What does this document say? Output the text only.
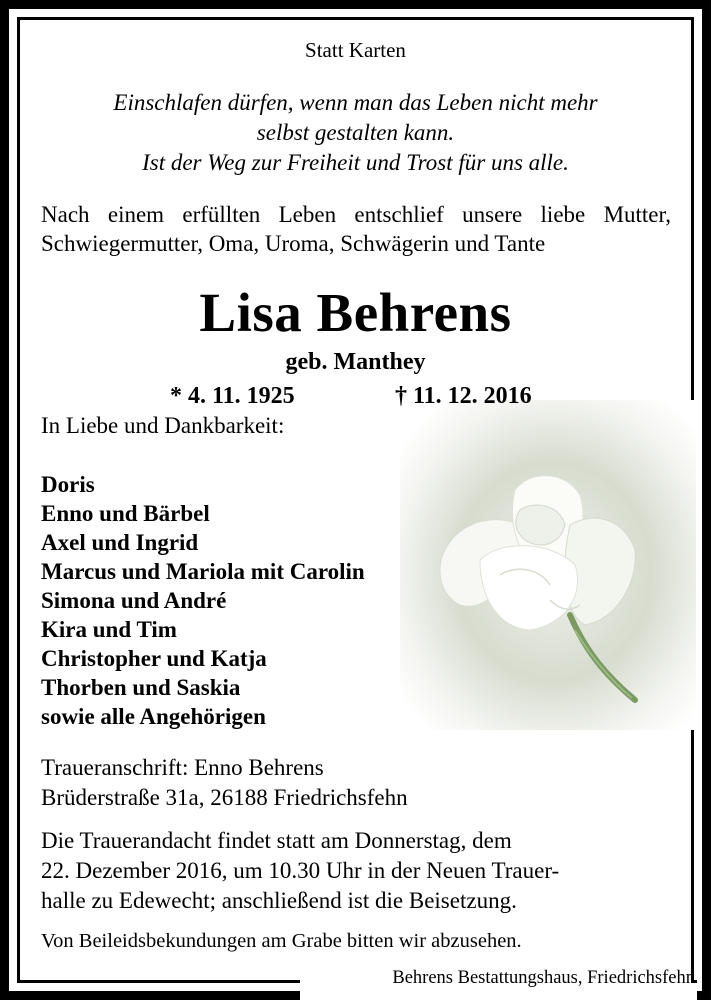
Statt Karten
Einschlafen dürfen, wenn man das Leben nicht mehr
selbst gestalten kann.
Ist der Weg zur Freiheit und Trost für uns alle.
Nach einem erfüllten Leben entschlief unsere liebe Mutter,
Schwiegermutter, Oma, Uroma, Schwägerin und Tante
Lisa Behrens
geb. Manthey
* 4. 11. 1925	† 11. 12. 2016
In Liebe und Dankbarkeit:
Doris
Enno und Bärbel
Axel und Ingrid
Marcus und Mariola mit Carolin
Simona und André
Kira und Tim
Christopher und Katja
Thorben und Saskia
sowie alle Angehörigen
Traueranschrift: Enno Behrens
Brüderstraße 31a, 26188 Friedrichsfehn
Die Trauerandacht findet statt am Donnerstag, dem
22. Dezember 2016, um 10.30 Uhr in der Neuen Trauer-
halle zu Edewecht; anschließend ist die Beisetzung.
Von Beileidsbekundungen am Grabe bitten wir abzusehen.
Behrens Bestattungshaus, Friedrichsfehn
